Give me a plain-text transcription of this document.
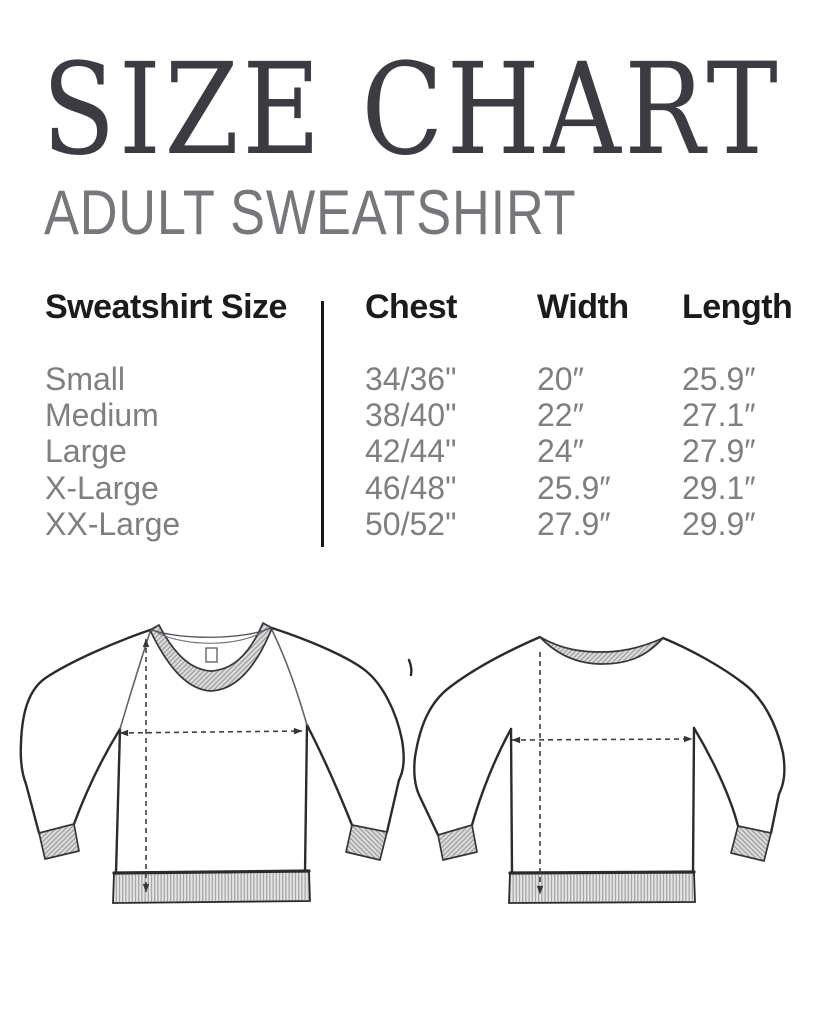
SIZE CHART
ADULT SWEATSHIRT
Sweatshirt Size	Chest	Width	Length
Small	34/36"	20″	25.9″
Medium	38/40"	22″	27.1″
Large	42/44"	24″	27.9″
X-Large	46/48"	25.9″	29.1″
XX-Large	50/52"	27.9″	29.9″
